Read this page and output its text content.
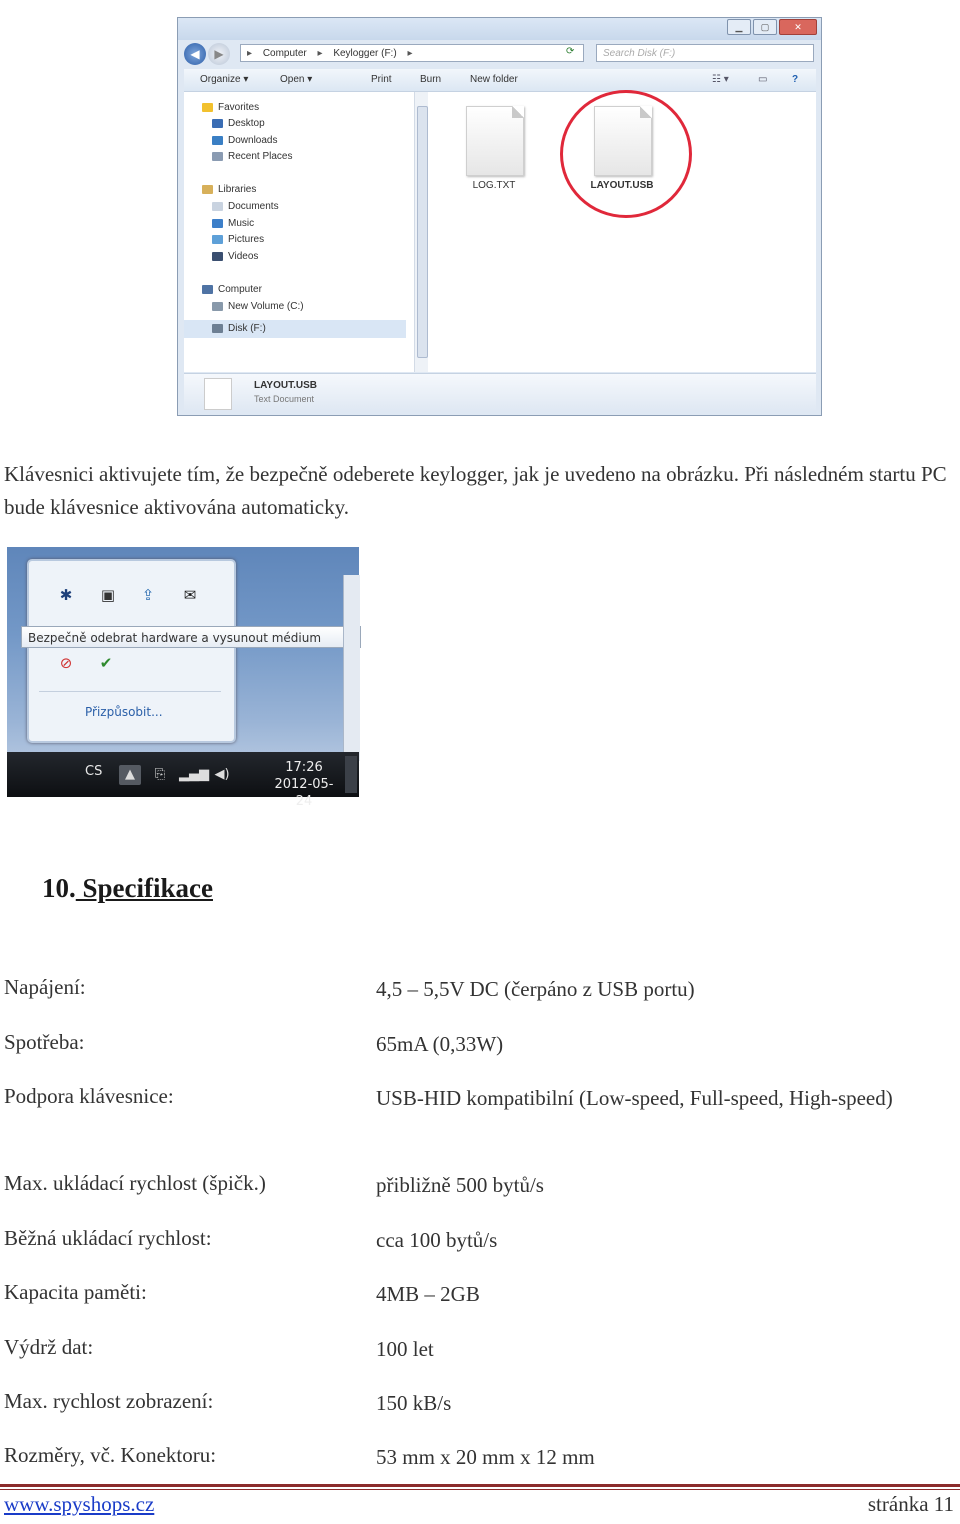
▁	▢	✕
◀	▶	▸ Computer ▸ Keylogger (F:) ▸	⟳	Search Disk (F:)
Organize ▾	Open ▾	Print	Burn	New folder	☷ ▾	▭ ?
Favorites
Desktop
Downloads
Recent Places
Libraries
Documents
Music
Pictures
Videos
Computer
New Volume (C:)
Disk (F:)
LOG.TXT	LAYOUT.USB
LAYOUT.USB
Text Document
Klávesnici aktivujete tím, že bezpečně odeberete keylogger, jak je uvedeno na obrázku. Při následném startu PC bude klávesnice aktivována automaticky.
✱	▣	⇪	✉
⊘	✔
Bezpečně odebrat hardware a vysunout médium
Přizpůsobit...
CS	▲	⎘	▂▄▆ ◀)	17:26
2012-05-24
10. Specifikace
Napájení:	4,5 – 5,5V DC (čerpáno z USB portu)
Spotřeba:	65mA (0,33W)
Podpora klávesnice:	USB-HID kompatibilní (Low-speed, Full-speed, High-speed)
Max. ukládací rychlost (špičk.)	přibližně 500 bytů/s
Běžná ukládací rychlost:	cca 100 bytů/s
Kapacita paměti:	4MB – 2GB
Výdrž dat:	100 let
Max. rychlost zobrazení:	150 kB/s
Rozměry, vč. Konektoru:	53 mm x 20 mm x 12 mm
www.spyshops.cz	stránka 11
